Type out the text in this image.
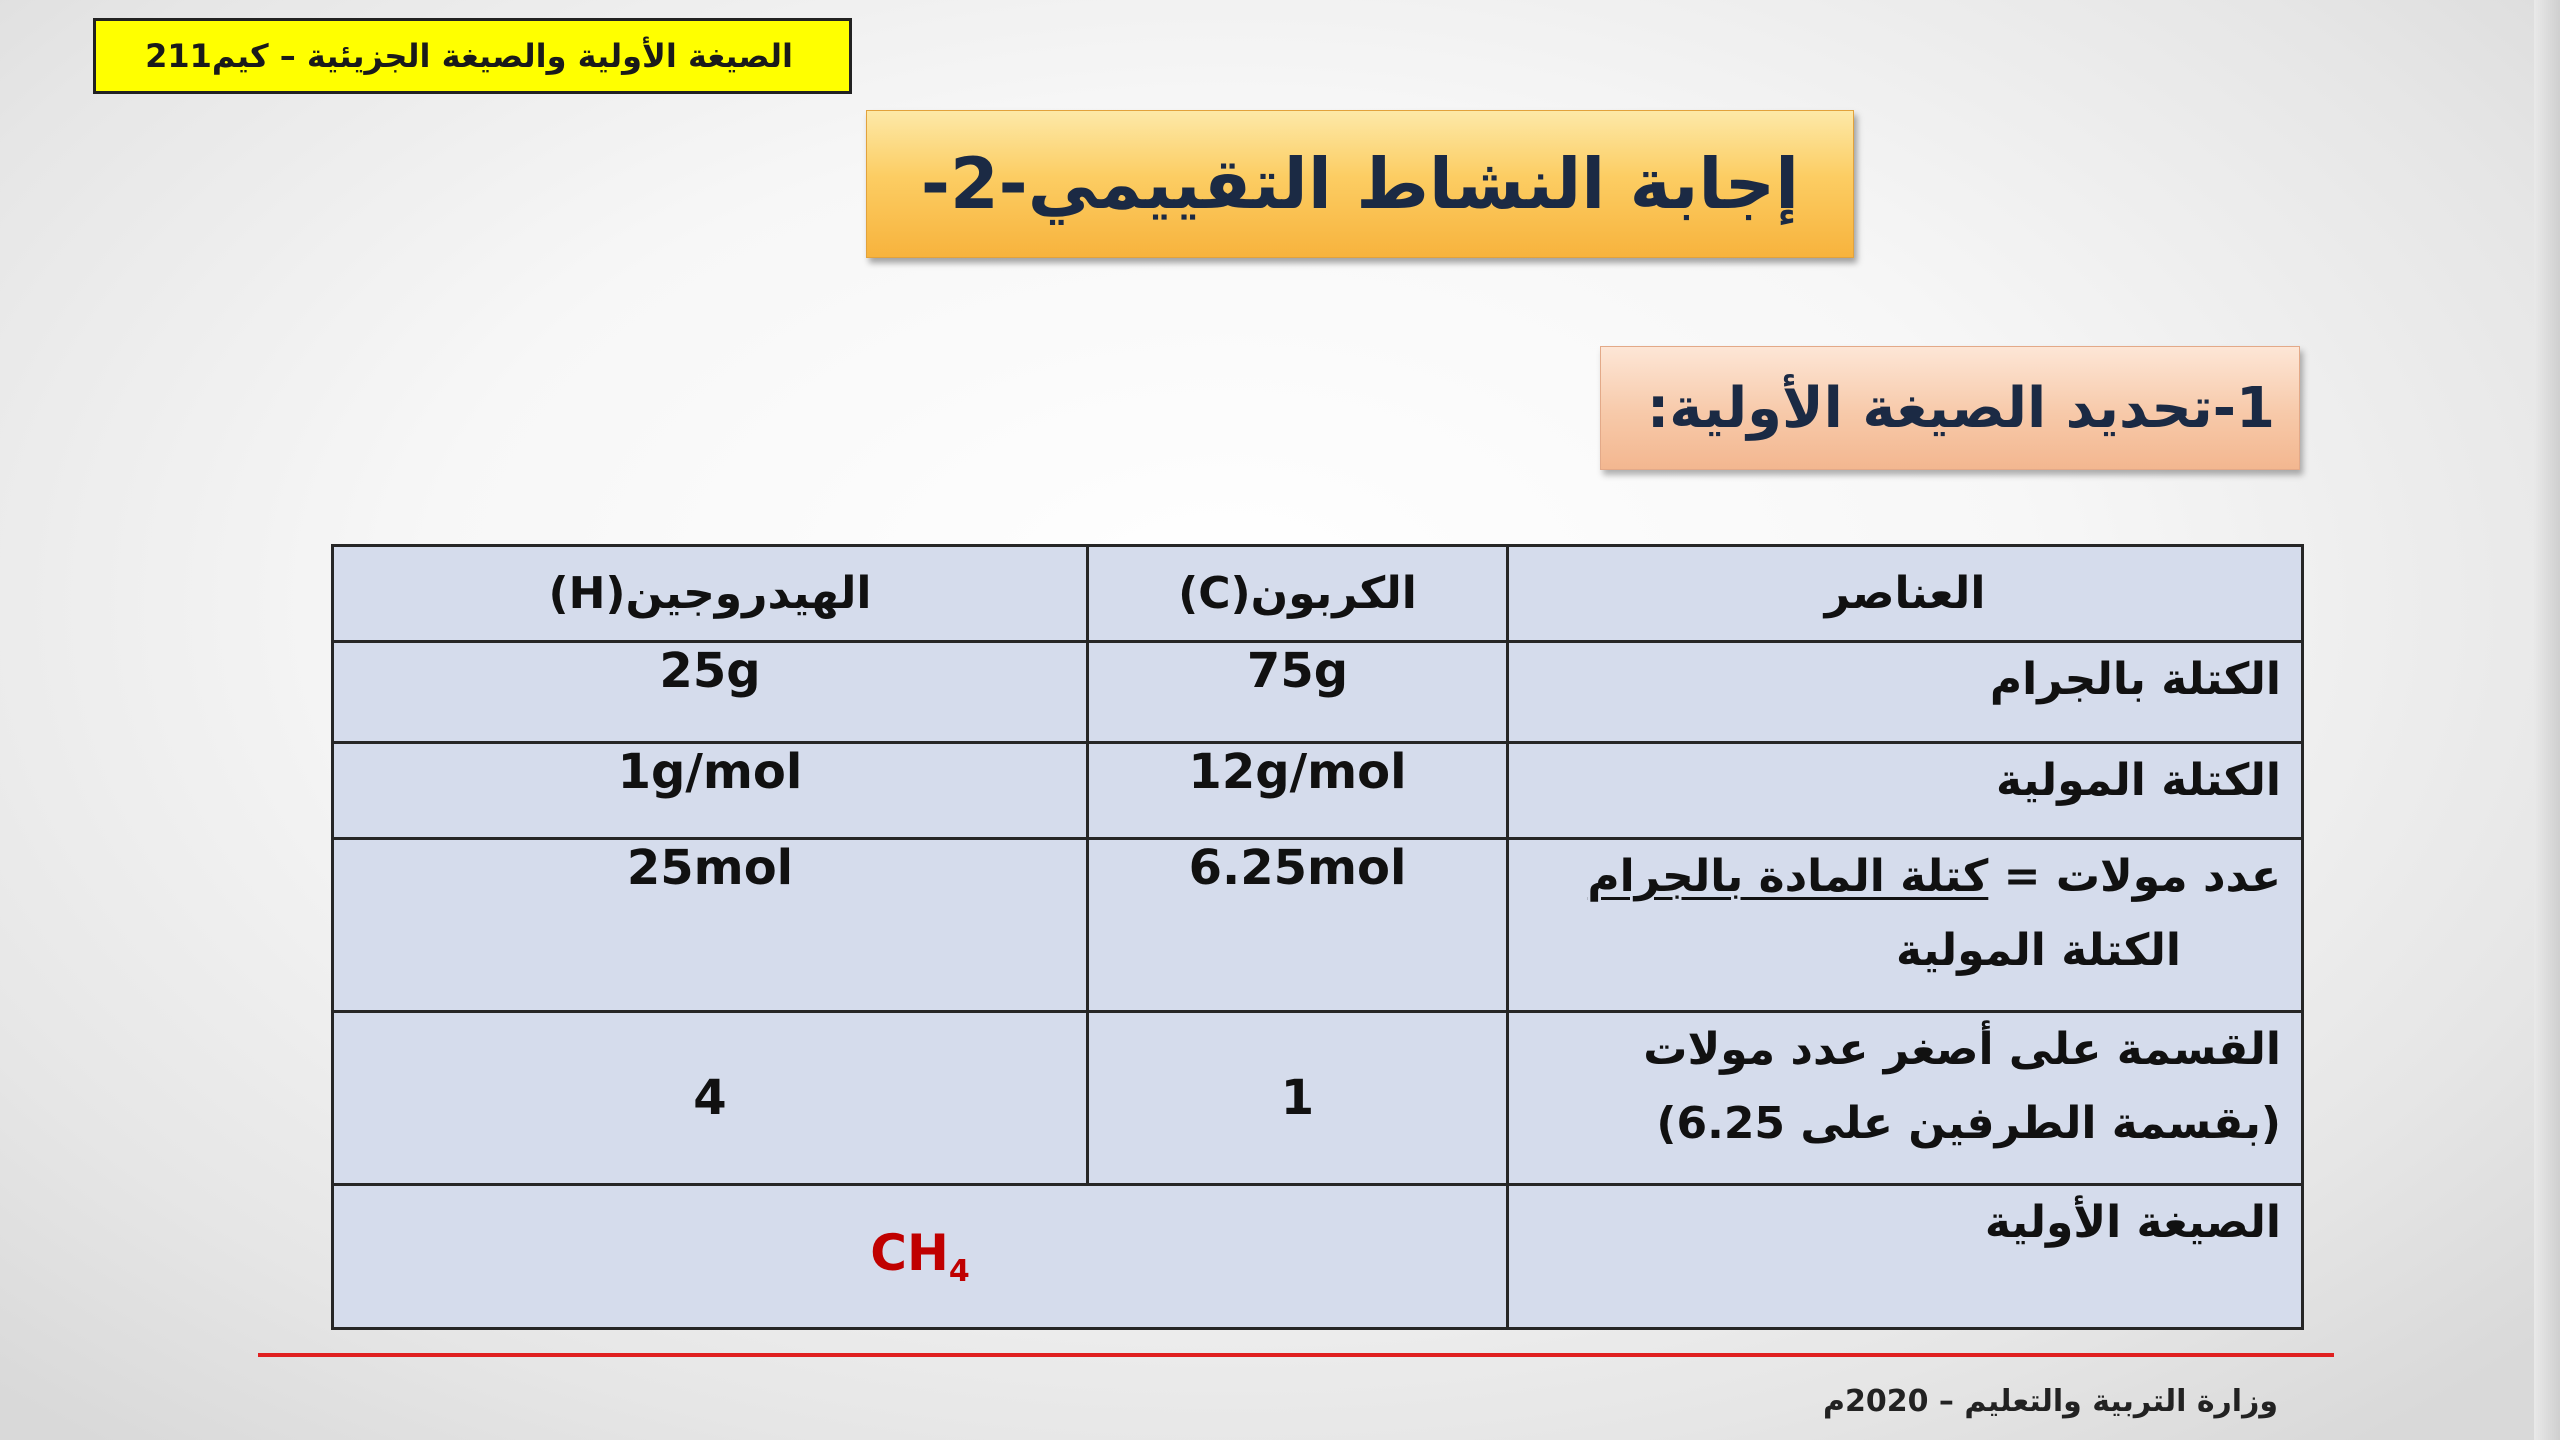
الصيغة الأولية والصيغة الجزيئية – كيم211
إجابة النشاط التقييمي-2-
1-تحديد الصيغة الأولية:
العناصر	الكربون(C)	الهيدروجين(H)
الكتلة بالجرام	75g	25g
الكتلة المولية	12g/mol	1g/mol
عدد مولات = كتلة المادة بالجرام
الكتلة المولية	6.25mol	25mol
القسمة على أصغر عدد مولات
(بقسمة الطرفين على 6.25)	1	4
الصيغة الأولية	$CH_4$
وزارة التربية والتعليم – 2020م
